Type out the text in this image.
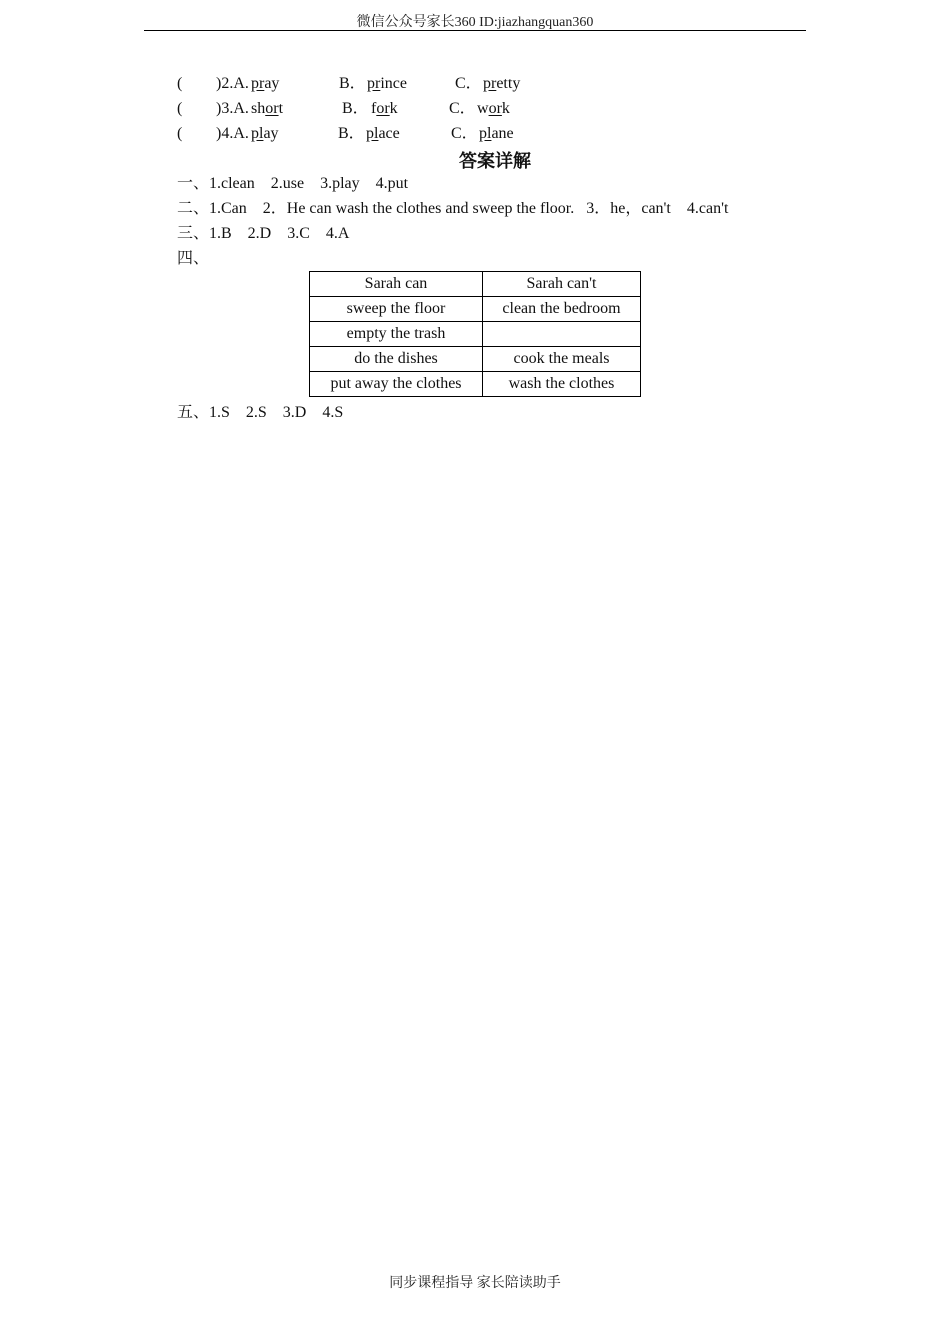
微信公众号家长360 ID:jiazhangquan360
( )2.A. pray	B． prince	C． pretty
( )3.A. short	B． fork	C． work
( )4.A. play	B． place	C． plane
答案详解
一、1.clean    2.use    3.play    4.put
二、1.Can    2．He can wash the clothes and sweep the floor.   3．he，can't    4.can't
三、1.B    2.D    3.C    4.A
四、
Sarah can	Sarah can't
sweep the floor	clean the bedroom
empty the trash	
do the dishes	cook the meals
put away the clothes	wash the clothes
五、1.S    2.S    3.D    4.S
同步课程指导 家长陪读助手
